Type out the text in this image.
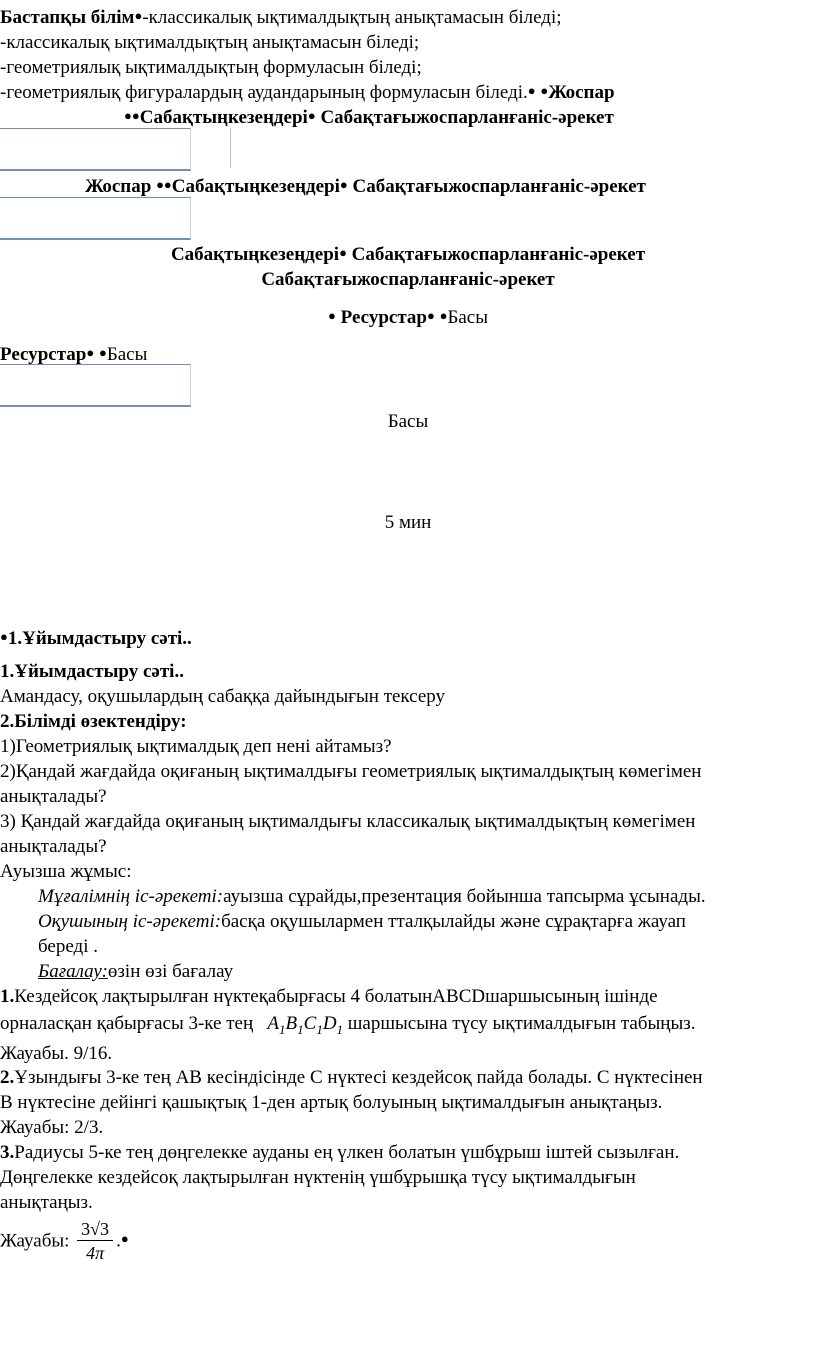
Бастапқы білім●-классикалық ықтималдықтың анықтамасын біледі;
-классикалық ықтималдықтың анықтамасын біледі;
-геометриялық ықтималдықтың формуласын біледі;
-геометриялық фигуралардың аудандарының формуласын біледі.● ●Жоспар
●●Сабақтыңкезеңдері● Сабақтағыжоспарланғаніс-әрекет
Жоспар ●●Сабақтыңкезеңдері● Сабақтағыжоспарланғаніс-әрекет
Сабақтыңкезеңдері● Сабақтағыжоспарланғаніс-әрекет
Сабақтағыжоспарланғаніс-әрекет
● Ресурстар● ●Басы
Ресурстар● ●Басы
Басы
5 мин
●1.Ұйымдастыру сәті..
1.Ұйымдастыру сәті..
Амандасу, оқушылардың сабаққа дайындығын тексеру
2.Білімді өзектендіру:
1)Геометриялық ықтималдық деп нені айтамыз?
2)Қандай жағдайда оқиғаның ықтималдығы геометриялық ықтималдықтың көмегімен
анықталады?
3) Қандай жағдайда оқиғаның ықтималдығы классикалық ықтималдықтың көмегімен
анықталады?
Ауызша жұмыс:
Мұғалімнің іс-әрекеті:ауызша сұрайды,презентация бойынша тапсырма ұсынады.
Оқушының іс-әрекеті:басқа оқушылармен тталқылайды және сұрақтарға жауап
береді .
Бағалау:өзін өзі бағалау
1.Кездейсоқ лақтырылған нүктеқабырғасы 4 болатынABCDшаршысының ішінде
орналасқан қабырғасы 3-ке тең $A_1B_1C_1D_1$ шаршысына түсу ықтималдығын табыңыз.
Жауабы. 9/16.
2.Ұзындығы 3-ке тең АВ кесіндісінде С нүктесі кездейсоқ пайда болады. С нүктесінен
В нүктесіне дейінгі қашықтық 1-ден артық болуының ықтималдығын анықтаңыз.
Жауабы: 2/3.
3.Радиусы 5-ке тең дөңгелекке ауданы ең үлкен болатын үшбұрыш іштей сызылған.
Дөңгелекке кездейсоқ лақтырылған нүктенің үшбұрышқа түсу ықтималдығын
анықтаңыз.
Жауабы: $\frac{3√3}{4\pi}$ .●
